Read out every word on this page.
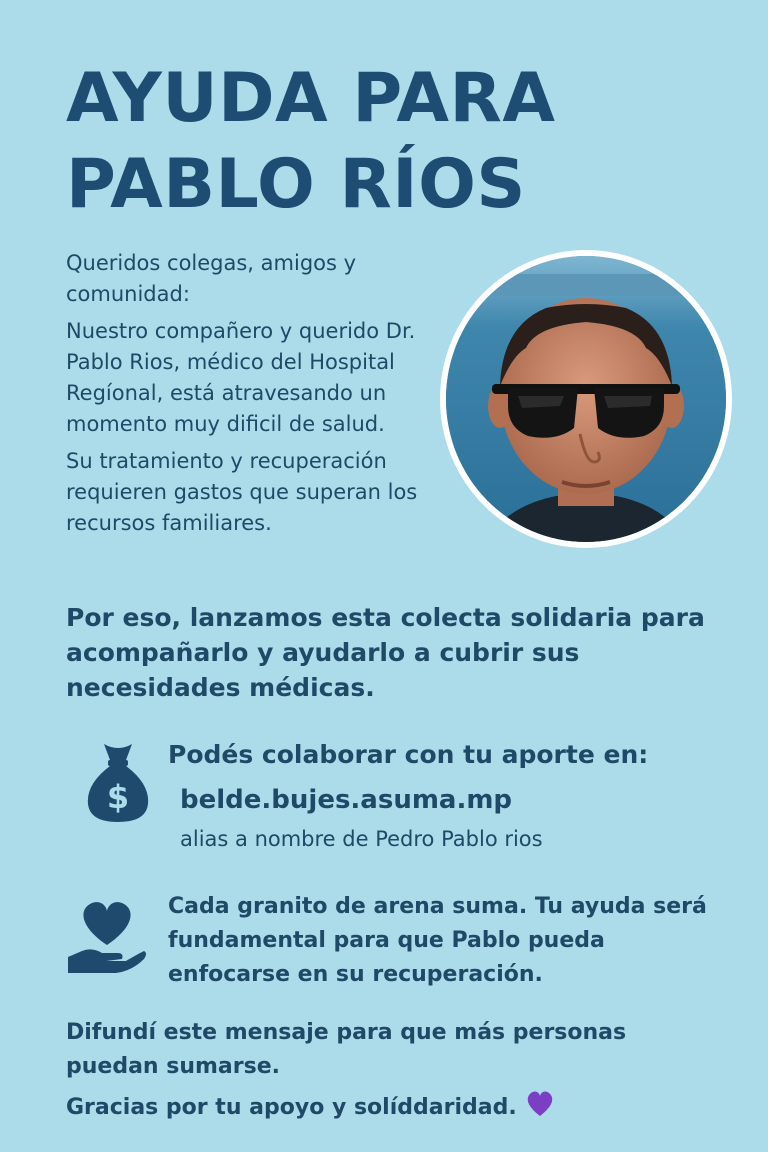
AYUDA PARA
PABLO RÍOS

Queridos colegas, amigos y comunidad:

Nuestro compañero y querido Dr. Pablo Rios, médico del Hospital Regíonal, está atravesando un momento muy dificil de salud.

Su tratamiento y recuperación requieren gastos que superan los recursos familiares.

Por eso, lanzamos esta colecta solidaria para acompañarlo y ayudarlo a cubrir sus necesidades médicas.

$

Podés colaborar con tu aporte en:

belde.bujes.asuma.mp

alias a nombre de Pedro Pablo rios

Cada granito de arena suma. Tu ayuda será fundamental para que Pablo pueda enfocarse en su recuperación.

Difundí este mensaje para que más personas puedan sumarse.

Gracias por tu apoyo y solíddaridad.
